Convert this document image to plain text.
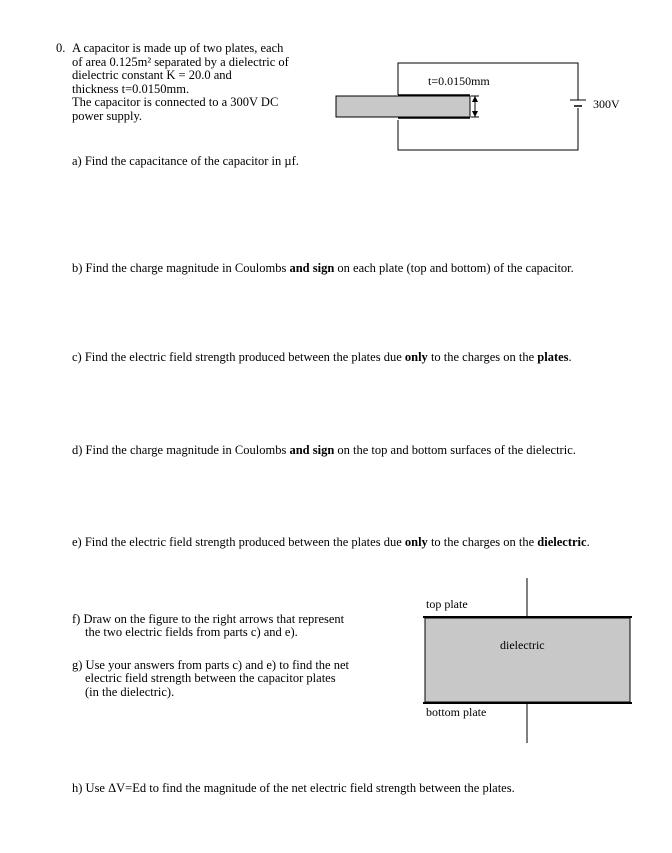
0. A capacitor is made up of two plates, each
of area 0.125m² separated by a dielectric of
dielectric constant K = 20.0 and
thickness t=0.0150mm.
The capacitor is connected to a 300V DC
power supply.
t=0.0150mm
300V
a) Find the capacitance of the capacitor in µf.
b) Find the charge magnitude in Coulombs and sign on each plate (top and bottom) of the capacitor.
c) Find the electric field strength produced between the plates due only to the charges on the plates.
d) Find the charge magnitude in Coulombs and sign on the top and bottom surfaces of the dielectric.
e) Find the electric field strength produced between the plates due only to the charges on the dielectric.
f) Draw on the figure to the right arrows that represent
the two electric fields from parts c) and e).
g) Use your answers from parts c) and e) to find the net
electric field strength between the capacitor plates
(in the dielectric).
top plate
dielectric
bottom plate
h) Use ΔV=Ed to find the magnitude of the net electric field strength between the plates.
